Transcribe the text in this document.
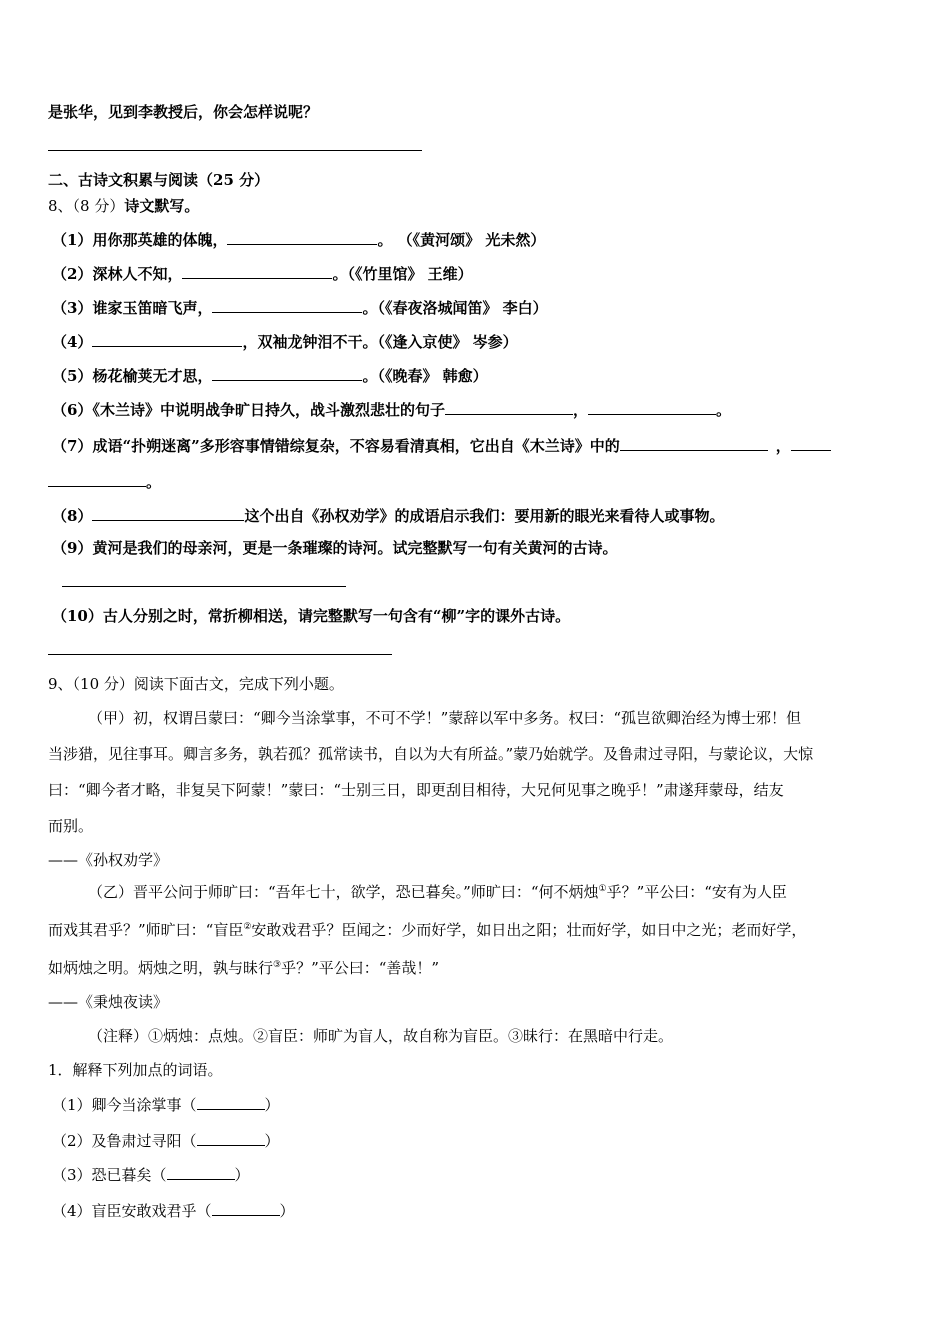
是张华，见到李教授后，你会怎样说呢？
二、古诗文积累与阅读（25 分）
8、（8 分）诗文默写。
（1）用你那英雄的体魄，	。 （《黄河颂》 光未然）
（2）深林人不知，	。（《竹里馆》 王维）
（3）谁家玉笛暗飞声，	。（《春夜洛城闻笛》 李白）
（4）	，双袖龙钟泪不干。（《逢入京使》 岑参）
（5）杨花榆荚无才思，	。（《晚春》 韩愈）
（6）《木兰诗》中说明战争旷日持久，战斗激烈悲壮的句子	，	。
（7）成语“扑朔迷离”多形容事情错综复杂，不容易看清真相，它出自《木兰诗》中的	，
。
（8）	这个出自《孙权劝学》的成语启示我们：要用新的眼光来看待人或事物。
（9）黄河是我们的母亲河，更是一条璀璨的诗河。试完整默写一句有关黄河的古诗。
（10）古人分别之时，常折柳相送，请完整默写一句含有“柳”字的课外古诗。
9、（10 分）阅读下面古文，完成下列小题。
（甲）初，权谓吕蒙曰：“卿今当涂掌事，不可不学！”蒙辞以军中多务。权曰：“孤岂欲卿治经为博士邪！但
当涉猎，见往事耳。卿言多务，孰若孤？孤常读书，自以为大有所益。”蒙乃始就学。及鲁肃过寻阳，与蒙论议，大惊
曰：“卿今者才略，非复吴下阿蒙！”蒙曰：“士别三日，即更刮目相待，大兄何见事之晚乎！”肃遂拜蒙母，结友
而别。
——《孙权劝学》
（乙）晋平公问于师旷曰：“吾年七十，欲学，恐已暮矣。”师旷曰：“何不炳烛①乎？”平公曰：“安有为人臣
而戏其君乎？”师旷曰：“盲臣②安敢戏君乎？臣闻之：少而好学，如日出之阳；壮而好学，如日中之光；老而好学，
如炳烛之明。炳烛之明，孰与昧行③乎？”平公曰：“善哉！”
——《秉烛夜读》
（注释）①炳烛：点烛。②盲臣：师旷为盲人，故自称为盲臣。③昧行：在黑暗中行走。
1．解释下列加点的词语。
（1）卿今当涂掌事（	）
（2）及鲁肃过寻阳（	）
（3）恐已暮矣（	）
（4）盲臣安敢戏君乎（	）
